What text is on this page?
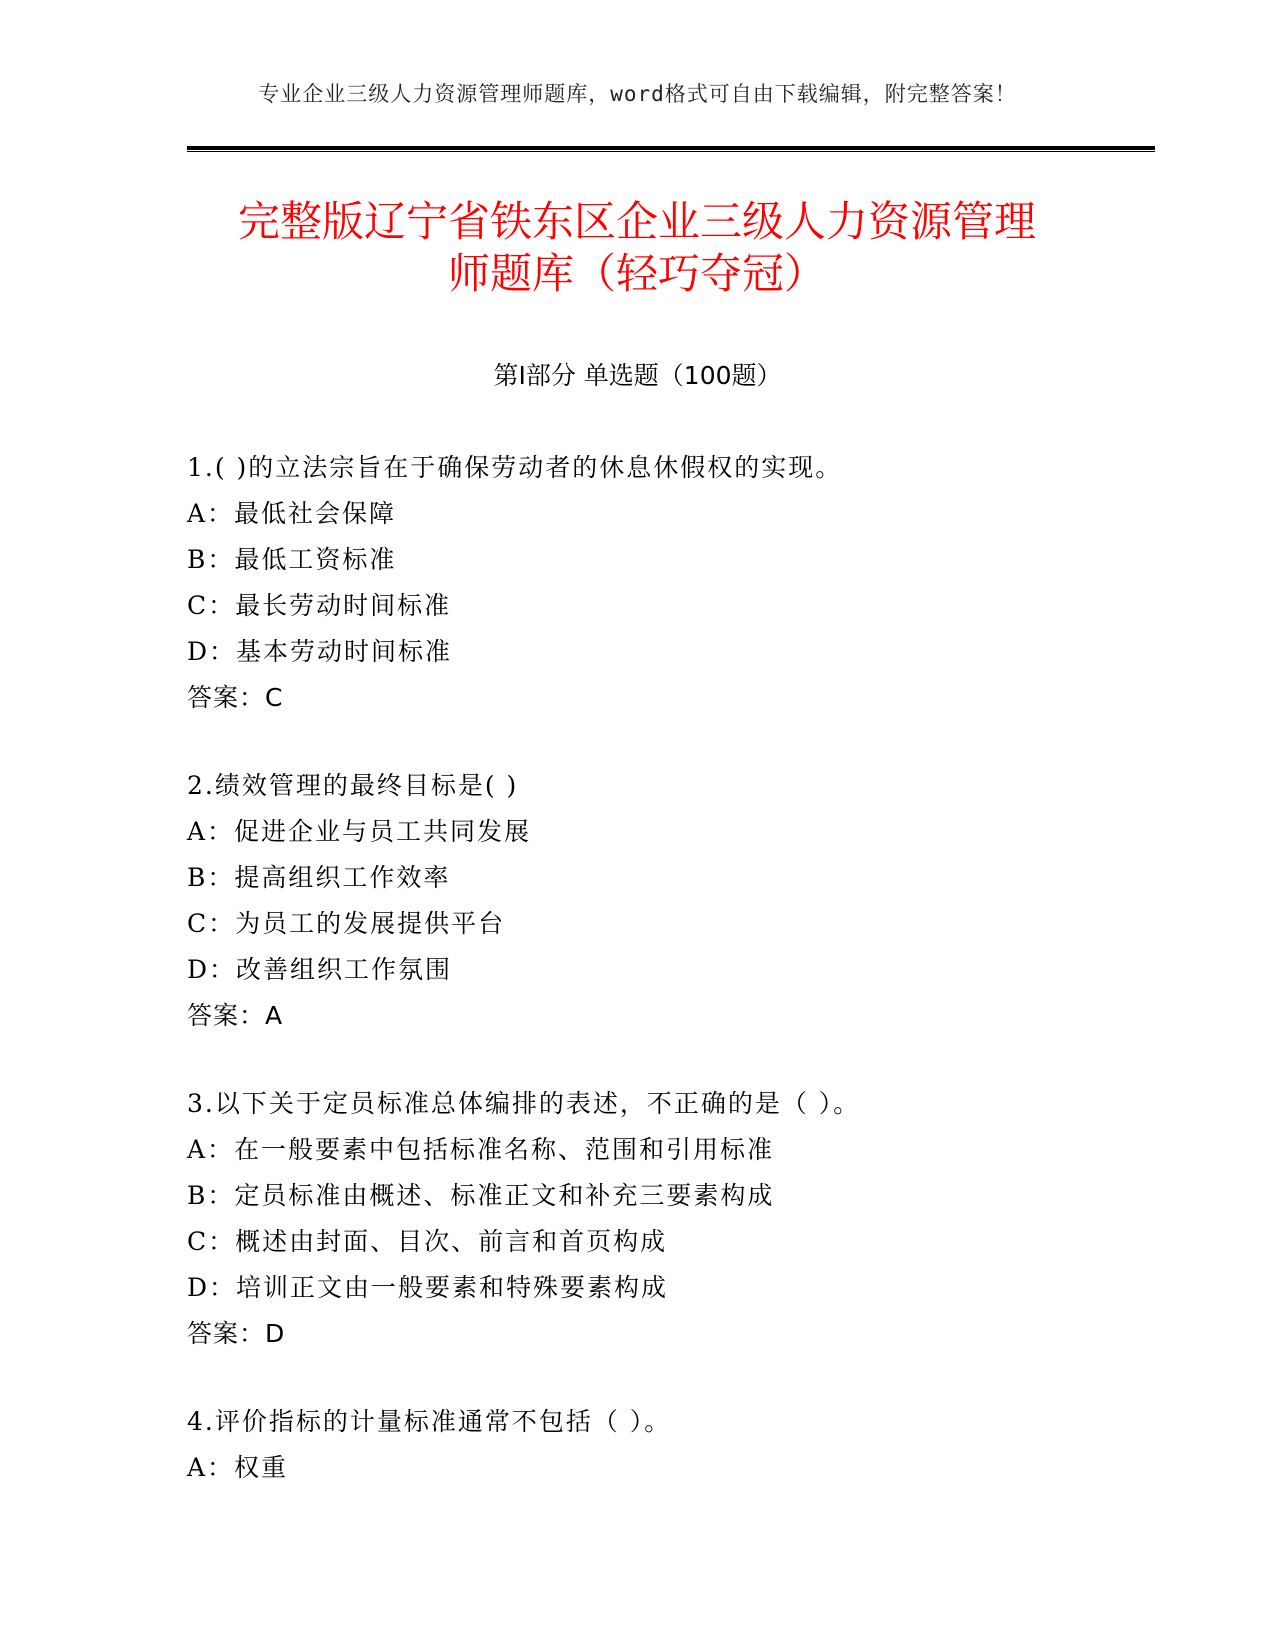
专业企业三级人力资源管理师题库，word格式可自由下载编辑，附完整答案！
完整版辽宁省铁东区企业三级人力资源管理
师题库（轻巧夺冠）
第Ⅰ部分 单选题（100题）
1.( )的立法宗旨在于确保劳动者的休息休假权的实现。
A：最低社会保障
B：最低工资标准
C：最长劳动时间标准
D：基本劳动时间标准
答案：C
2.绩效管理的最终目标是( )
A：促进企业与员工共同发展
B：提高组织工作效率
C：为员工的发展提供平台
D：改善组织工作氛围
答案：A
3.以下关于定员标准总体编排的表述，不正确的是（ ）。
A：在一般要素中包括标准名称、范围和引用标准
B：定员标准由概述、标准正文和补充三要素构成
C：概述由封面、目次、前言和首页构成
D：培训正文由一般要素和特殊要素构成
答案：D
4.评价指标的计量标准通常不包括（ ）。
A：权重
